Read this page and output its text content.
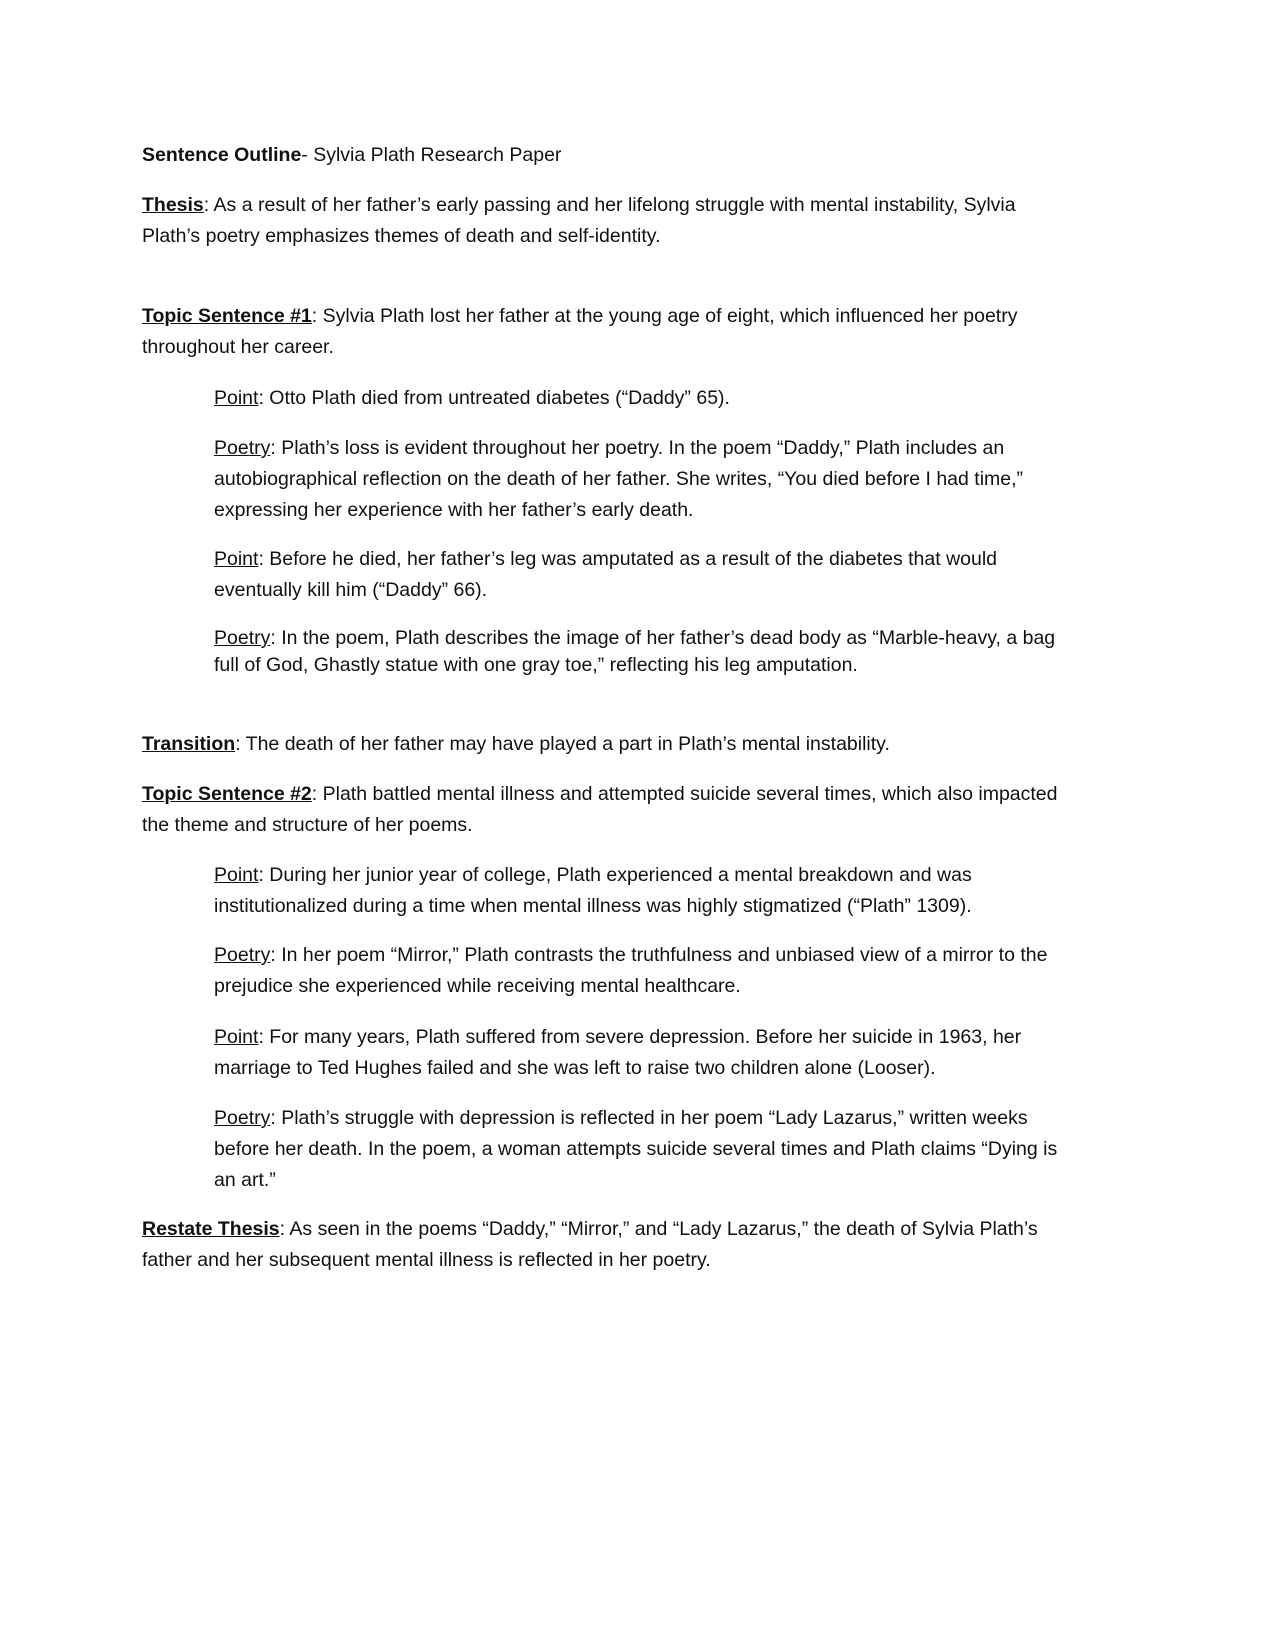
Sentence Outline- Sylvia Plath Research Paper

Thesis: As a result of her father’s early passing and her lifelong struggle with mental instability, Sylvia Plath’s poetry emphasizes themes of death and self-identity.

Topic Sentence #1: Sylvia Plath lost her father at the young age of eight, which influenced her poetry throughout her career.

Point: Otto Plath died from untreated diabetes (“Daddy” 65).

Poetry: Plath’s loss is evident throughout her poetry. In the poem “Daddy,” Plath includes an autobiographical reflection on the death of her father. She writes, “You died before I had time,” expressing her experience with her father’s early death.

Point: Before he died, her father’s leg was amputated as a result of the diabetes that would eventually kill him (“Daddy” 66).

Poetry: In the poem, Plath describes the image of her father’s dead body as “Marble-heavy, a bag full of God, Ghastly statue with one gray toe,” reflecting his leg amputation.

Transition: The death of her father may have played a part in Plath’s mental instability.

Topic Sentence #2: Plath battled mental illness and attempted suicide several times, which also impacted the theme and structure of her poems.

Point: During her junior year of college, Plath experienced a mental breakdown and was institutionalized during a time when mental illness was highly stigmatized (“Plath” 1309).

Poetry: In her poem “Mirror,” Plath contrasts the truthfulness and unbiased view of a mirror to the prejudice she experienced while receiving mental healthcare.

Point: For many years, Plath suffered from severe depression. Before her suicide in 1963, her marriage to Ted Hughes failed and she was left to raise two children alone (Looser).

Poetry: Plath’s struggle with depression is reflected in her poem “Lady Lazarus,” written weeks before her death. In the poem, a woman attempts suicide several times and Plath claims “Dying is an art.”

Restate Thesis: As seen in the poems “Daddy,” “Mirror,” and “Lady Lazarus,” the death of Sylvia Plath’s father and her subsequent mental illness is reflected in her poetry.
